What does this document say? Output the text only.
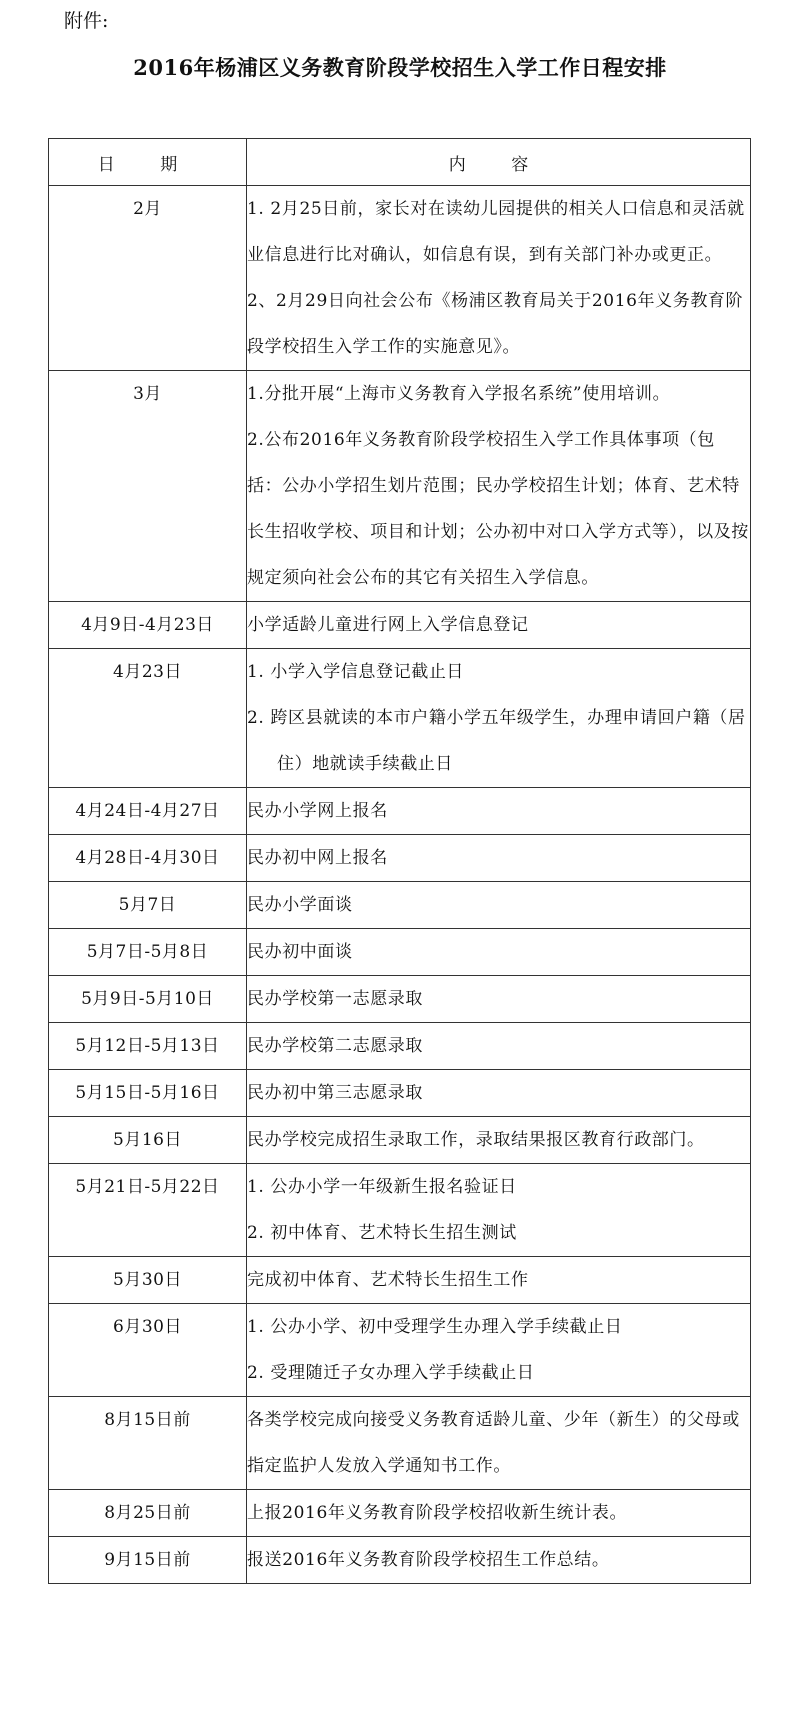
附件:

2016年杨浦区义务教育阶段学校招生入学工作日程安排
日 期	内 容
2月	1. 2月25日前，家长对在读幼儿园提供的相关人口信息和灵活就业信息进行比对确认，如信息有误，到有关部门补办或更正。
2、2月29日向社会公布《杨浦区教育局关于2016年义务教育阶段学校招生入学工作的实施意见》。

3月	1.分批开展“上海市义务教育入学报名系统”使用培训。
2.公布2016年义务教育阶段学校招生入学工作具体事项（包括：公办小学招生划片范围；民办学校招生计划；体育、艺术特长生招收学校、项目和计划；公办初中对口入学方式等），以及按规定须向社会公布的其它有关招生入学信息。

4月9日-4月23日	小学适龄儿童进行网上入学信息登记

4月23日	1. 小学入学信息登记截止日
2. 跨区县就读的本市户籍小学五年级学生，办理申请回户籍（居住）地就读手续截止日

4月24日-4月27日	民办小学网上报名

4月28日-4月30日	民办初中网上报名

5月7日	民办小学面谈

5月7日-5月8日	民办初中面谈

5月9日-5月10日	民办学校第一志愿录取

5月12日-5月13日	民办学校第二志愿录取

5月15日-5月16日	民办初中第三志愿录取

5月16日	民办学校完成招生录取工作，录取结果报区教育行政部门。

5月21日-5月22日	1. 公办小学一年级新生报名验证日
2. 初中体育、艺术特长生招生测试

5月30日	完成初中体育、艺术特长生招生工作

6月30日	1. 公办小学、初中受理学生办理入学手续截止日
2. 受理随迁子女办理入学手续截止日

8月15日前	各类学校完成向接受义务教育适龄儿童、少年（新生）的父母或指定监护人发放入学通知书工作。

8月25日前	上报2016年义务教育阶段学校招收新生统计表。

9月15日前	报送2016年义务教育阶段学校招生工作总结。
